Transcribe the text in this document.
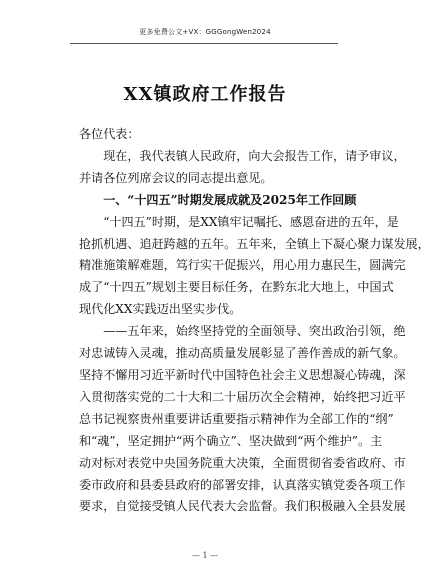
更多免费公文+VX：GGGongWen2024
XX镇政府工作报告
各位代表：
　　现在，我代表镇人民政府，向大会报告工作，请予审议，
并请各位列席会议的同志提出意见。
　　一、“十四五”时期发展成就及2025年工作回顾
　　“十四五”时期，是XX镇牢记嘱托、感恩奋进的五年，是
抢抓机遇、追赶跨越的五年。五年来，全镇上下凝心聚力谋发展，
精准施策解难题，笃行实干促振兴，用心用力惠民生，圆满完
成了“十四五”规划主要目标任务，在黔东北大地上，中国式
现代化XX实践迈出坚实步伐。
　　——五年来，始终坚持党的全面领导、突出政治引领，绝
对忠诚铸入灵魂，推动高质量发展彰显了善作善成的新气象。
坚持不懈用习近平新时代中国特色社会主义思想凝心铸魂，深
入贯彻落实党的二十大和二十届历次全会精神，始终把习近平
总书记视察贵州重要讲话重要指示精神作为全部工作的“纲”
和“魂”，坚定拥护“两个确立”、坚决做到“两个维护”。主
动对标对表党中央国务院重大决策，全面贯彻省委省政府、市
委市政府和县委县政府的部署安排，认真落实镇党委各项工作
要求，自觉接受镇人民代表大会监督。我们积极融入全县发展
— 1 —
